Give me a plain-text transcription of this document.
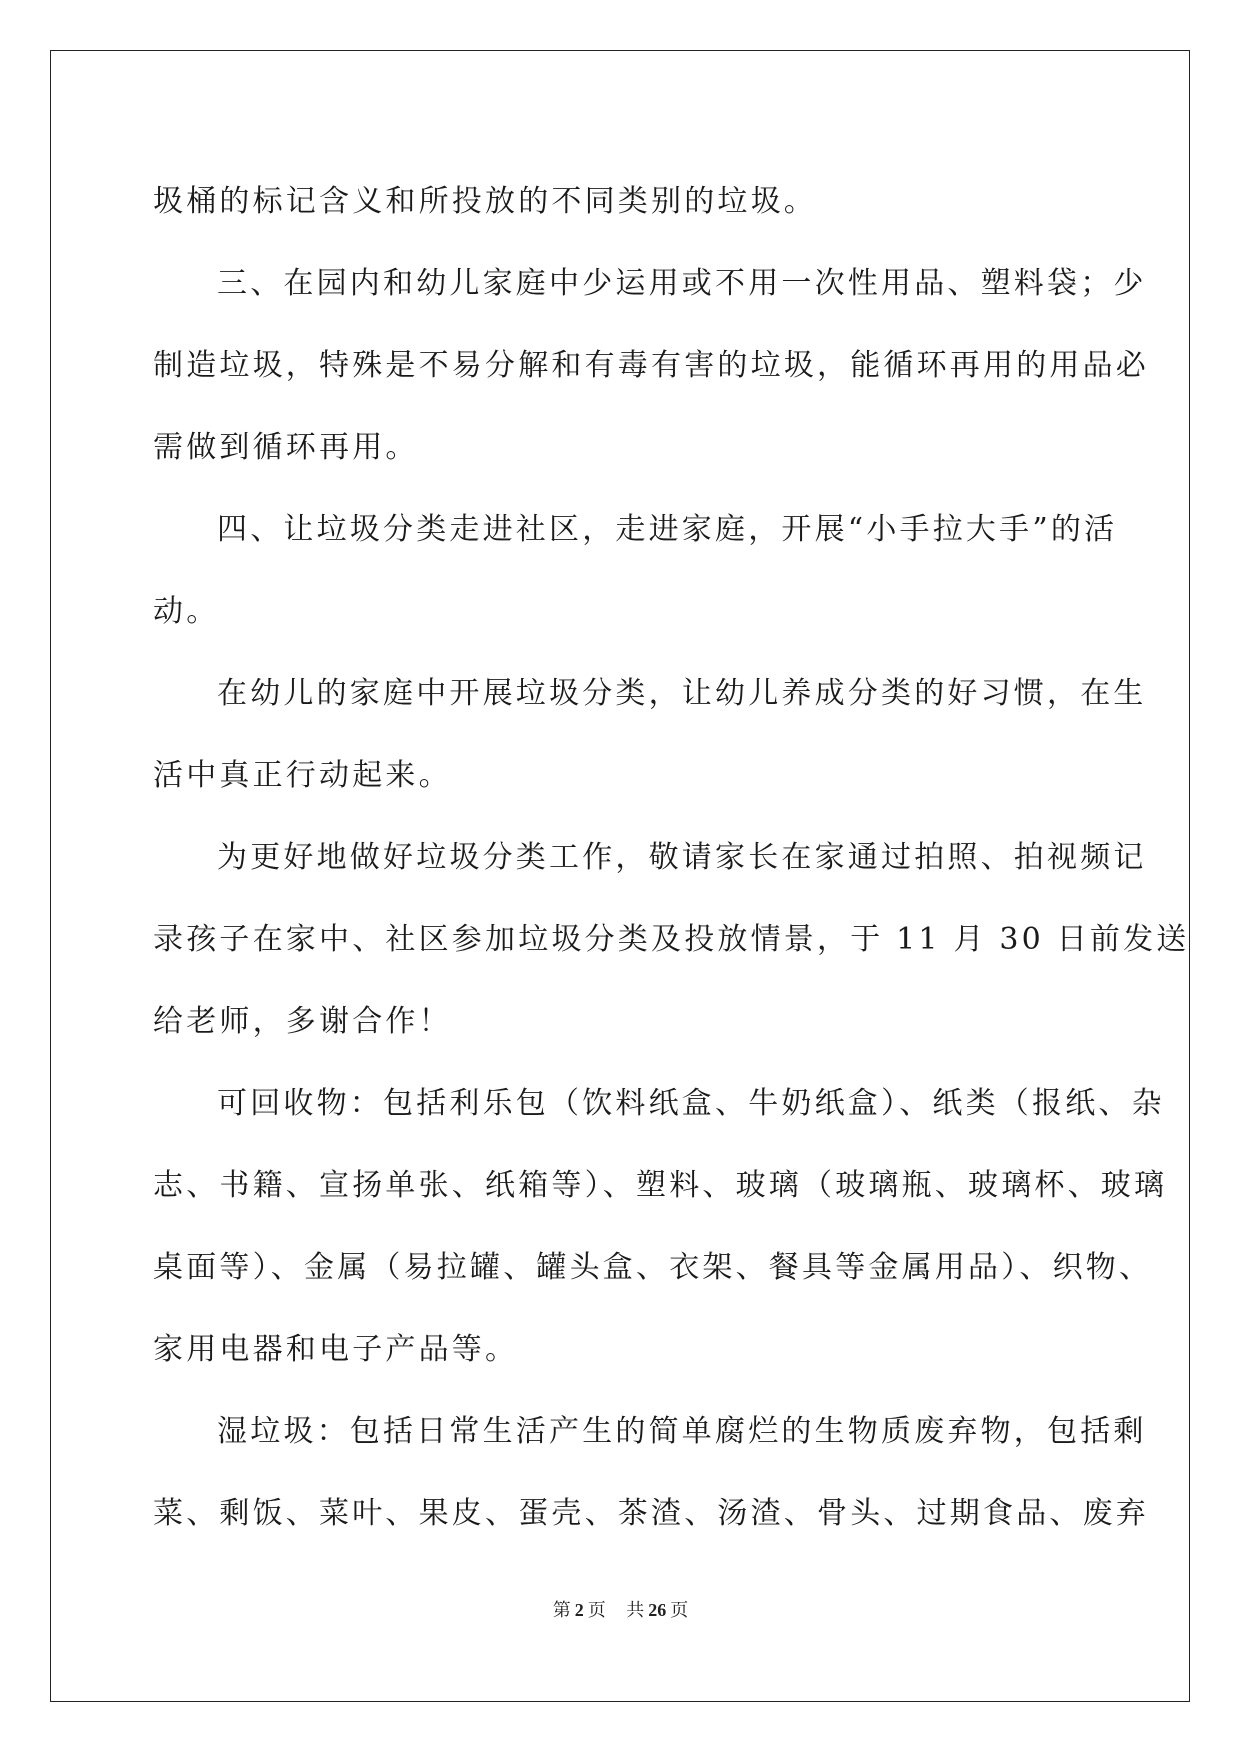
圾桶的标记含义和所投放的不同类别的垃圾。
三、在园内和幼儿家庭中少运用或不用一次性用品、塑料袋；少
制造垃圾，特殊是不易分解和有毒有害的垃圾，能循环再用的用品必
需做到循环再用。
四、让垃圾分类走进社区，走进家庭，开展“小手拉大手”的活
动。
在幼儿的家庭中开展垃圾分类，让幼儿养成分类的好习惯，在生
活中真正行动起来。
为更好地做好垃圾分类工作，敬请家长在家通过拍照、拍视频记
录孩子在家中、社区参加垃圾分类及投放情景，于 11 月 30 日前发送
给老师，多谢合作！
可回收物：包括利乐包（饮料纸盒、牛奶纸盒）、纸类（报纸、杂
志、书籍、宣扬单张、纸箱等）、塑料、玻璃（玻璃瓶、玻璃杯、玻璃
桌面等）、金属（易拉罐、罐头盒、衣架、餐具等金属用品）、织物、
家用电器和电子产品等。
湿垃圾：包括日常生活产生的简单腐烂的生物质废弃物，包括剩
菜、剩饭、菜叶、果皮、蛋壳、茶渣、汤渣、骨头、过期食品、废弃
第 2 页 共 26 页
